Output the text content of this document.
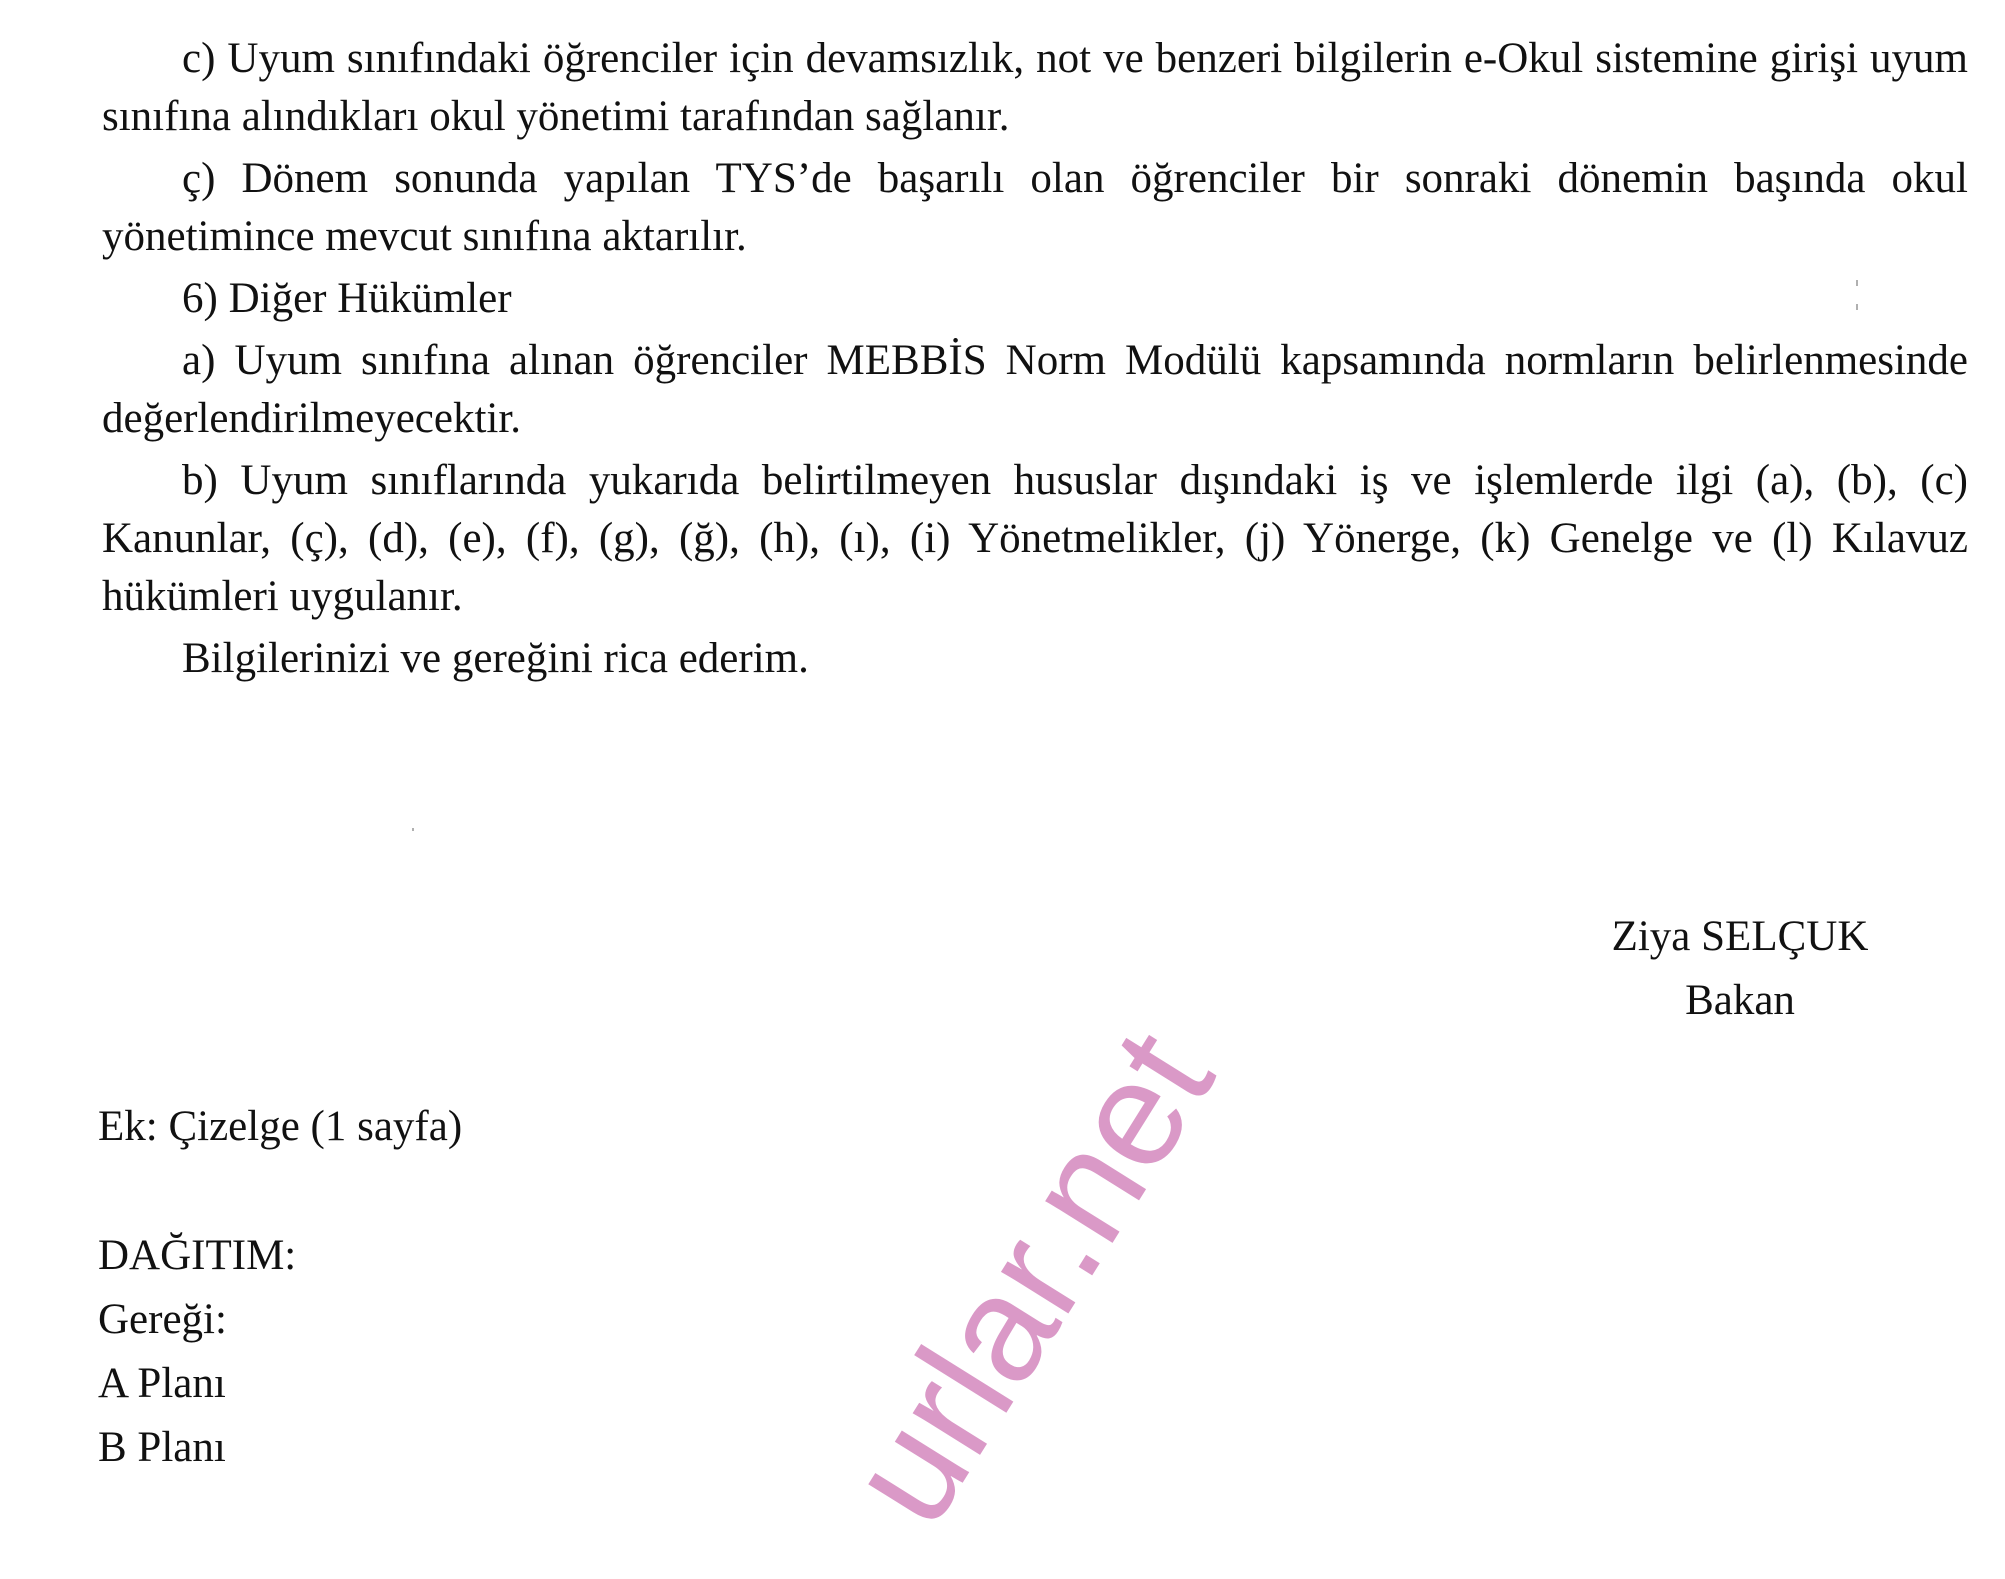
c) Uyum sınıfındaki öğrenciler için devamsızlık, not ve benzeri bilgilerin e-Okul sistemine girişi uyum sınıfına alındıkları okul yönetimi tarafından sağlanır.

ç) Dönem sonunda yapılan TYS’de başarılı olan öğrenciler bir sonraki dönemin başında okul yönetimince mevcut sınıfına aktarılır.

6) Diğer Hükümler

a) Uyum sınıfına alınan öğrenciler MEBBİS Norm Modülü kapsamında normların belirlenmesinde değerlendirilmeyecektir.

b) Uyum sınıflarında yukarıda belirtilmeyen hususlar dışındaki iş ve işlemlerde ilgi (a), (b), (c) Kanunlar, (ç), (d), (e), (f), (g), (ğ), (h), (ı), (i) Yönetmelikler, (j) Yönerge, (k) Genelge ve (l) Kılavuz hükümleri uygulanır.

Bilgilerinizi ve gereğini rica ederim.

Ziya SELÇUK
Bakan
Ek: Çizelge (1 sayfa)
DAĞITIM:
Gereği:
A Planı
B Planı	urlar.net
